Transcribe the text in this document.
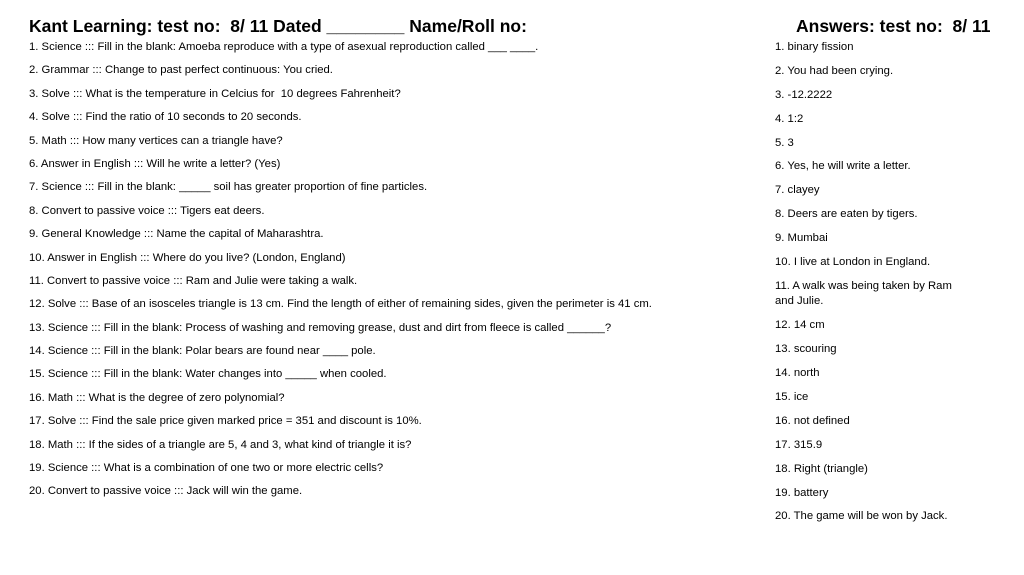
Kant Learning: test no:  8/ 11 Dated ________ Name/Roll no:	Answers: test no:  8/ 11
1. Science ::: Fill in the blank: Amoeba reproduce with a type of asexual reproduction called ___ ____.
2. Grammar ::: Change to past perfect continuous: You cried.
3. Solve ::: What is the temperature in Celcius for  10 degrees Fahrenheit?
4. Solve ::: Find the ratio of 10 seconds to 20 seconds.
5. Math ::: How many vertices can a triangle have?
6. Answer in English ::: Will he write a letter? (Yes)
7. Science ::: Fill in the blank: _____ soil has greater proportion of fine particles.
8. Convert to passive voice ::: Tigers eat deers.
9. General Knowledge ::: Name the capital of Maharashtra.
10. Answer in English ::: Where do you live? (London, England)
11. Convert to passive voice ::: Ram and Julie were taking a walk.
12. Solve ::: Base of an isosceles triangle is 13 cm. Find the length of either of remaining sides, given the perimeter is 41 cm.
13. Science ::: Fill in the blank: Process of washing and removing grease, dust and dirt from fleece is called ______?
14. Science ::: Fill in the blank: Polar bears are found near ____ pole.
15. Science ::: Fill in the blank: Water changes into _____ when cooled.
16. Math ::: What is the degree of zero polynomial?
17. Solve ::: Find the sale price given marked price = 351 and discount is 10%.
18. Math ::: If the sides of a triangle are 5, 4 and 3, what kind of triangle it is?
19. Science ::: What is a combination of one two or more electric cells?
20. Convert to passive voice ::: Jack will win the game.
1. binary fission
2. You had been crying.
3. -12.2222
4. 1:2
5. 3
6. Yes, he will write a letter.
7. clayey
8. Deers are eaten by tigers.
9. Mumbai
10. I live at London in England.
11. A walk was being taken by Ram and Julie.
12. 14 cm
13. scouring
14. north
15. ice
16. not defined
17. 315.9
18. Right (triangle)
19. battery
20. The game will be won by Jack.
